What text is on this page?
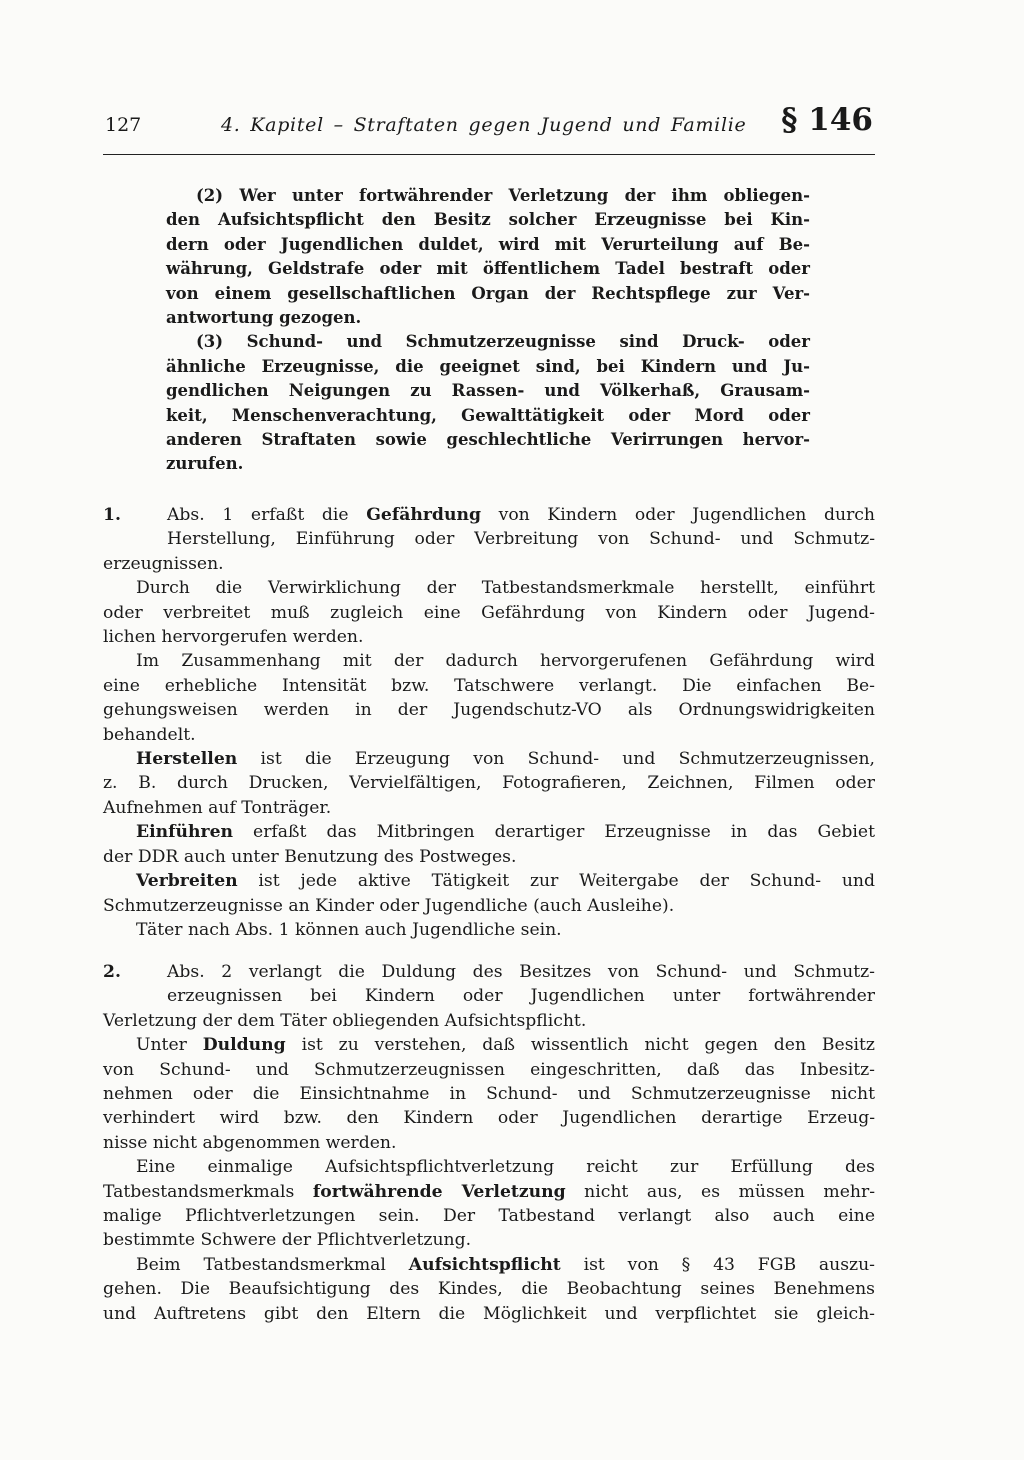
127	4. Kapitel – Straftaten gegen Jugend und Familie § 146

(2) Wer unter fortwährender Verletzung der ihm obliegen-

den Aufsichtspflicht den Besitz solcher Erzeugnisse bei Kin-

dern oder Jugendlichen duldet, wird mit Verurteilung auf Be-

währung, Geldstrafe oder mit öffentlichem Tadel bestraft oder

von einem gesellschaftlichen Organ der Rechtspflege zur Ver-

antwortung gezogen.

(3) Schund- und Schmutzerzeugnisse sind Druck- oder

ähnliche Erzeugnisse, die geeignet sind, bei Kindern und Ju-

gendlichen Neigungen zu Rassen- und Völkerhaß, Grausam-

keit, Menschenverachtung, Gewalttätigkeit oder Mord oder

anderen Straftaten sowie geschlechtliche Verirrungen hervor-

zurufen.

1.	Abs. 1 erfaßt die Gefährdung von Kindern oder Jugendlichen durch

Herstellung, Einführung oder Verbreitung von Schund- und Schmutz-

erzeugnissen.

Durch die Verwirklichung der Tatbestandsmerkmale herstellt, einführt

oder verbreitet muß zugleich eine Gefährdung von Kindern oder Jugend-

lichen hervorgerufen werden.

Im Zusammenhang mit der dadurch hervorgerufenen Gefährdung wird

eine erhebliche Intensität bzw. Tatschwere verlangt. Die einfachen Be-

gehungsweisen werden in der Jugendschutz-VO als Ordnungswidrigkeiten

behandelt.

Herstellen ist die Erzeugung von Schund- und Schmutzerzeugnissen,

z. B. durch Drucken, Vervielfältigen, Fotografieren, Zeichnen, Filmen oder

Aufnehmen auf Tonträger.

Einführen erfaßt das Mitbringen derartiger Erzeugnisse in das Gebiet

der DDR auch unter Benutzung des Postweges.

Verbreiten ist jede aktive Tätigkeit zur Weitergabe der Schund- und

Schmutzerzeugnisse an Kinder oder Jugendliche (auch Ausleihe).

Täter nach Abs. 1 können auch Jugendliche sein.

2.	Abs. 2 verlangt die Duldung des Besitzes von Schund- und Schmutz-

erzeugnissen bei Kindern oder Jugendlichen unter fortwährender

Verletzung der dem Täter obliegenden Aufsichtspflicht.

Unter Duldung ist zu verstehen, daß wissentlich nicht gegen den Besitz

von Schund- und Schmutzerzeugnissen eingeschritten, daß das Inbesitz-

nehmen oder die Einsichtnahme in Schund- und Schmutzerzeugnisse nicht

verhindert wird bzw. den Kindern oder Jugendlichen derartige Erzeug-

nisse nicht abgenommen werden.

Eine einmalige Aufsichtspflichtverletzung reicht zur Erfüllung des

Tatbestandsmerkmals fortwährende Verletzung nicht aus, es müssen mehr-

malige Pflichtverletzungen sein. Der Tatbestand verlangt also auch eine

bestimmte Schwere der Pflichtverletzung.

Beim Tatbestandsmerkmal Aufsichtspflicht ist von § 43 FGB auszu-

gehen. Die Beaufsichtigung des Kindes, die Beobachtung seines Benehmens

und Auftretens gibt den Eltern die Möglichkeit und verpflichtet sie gleich-
